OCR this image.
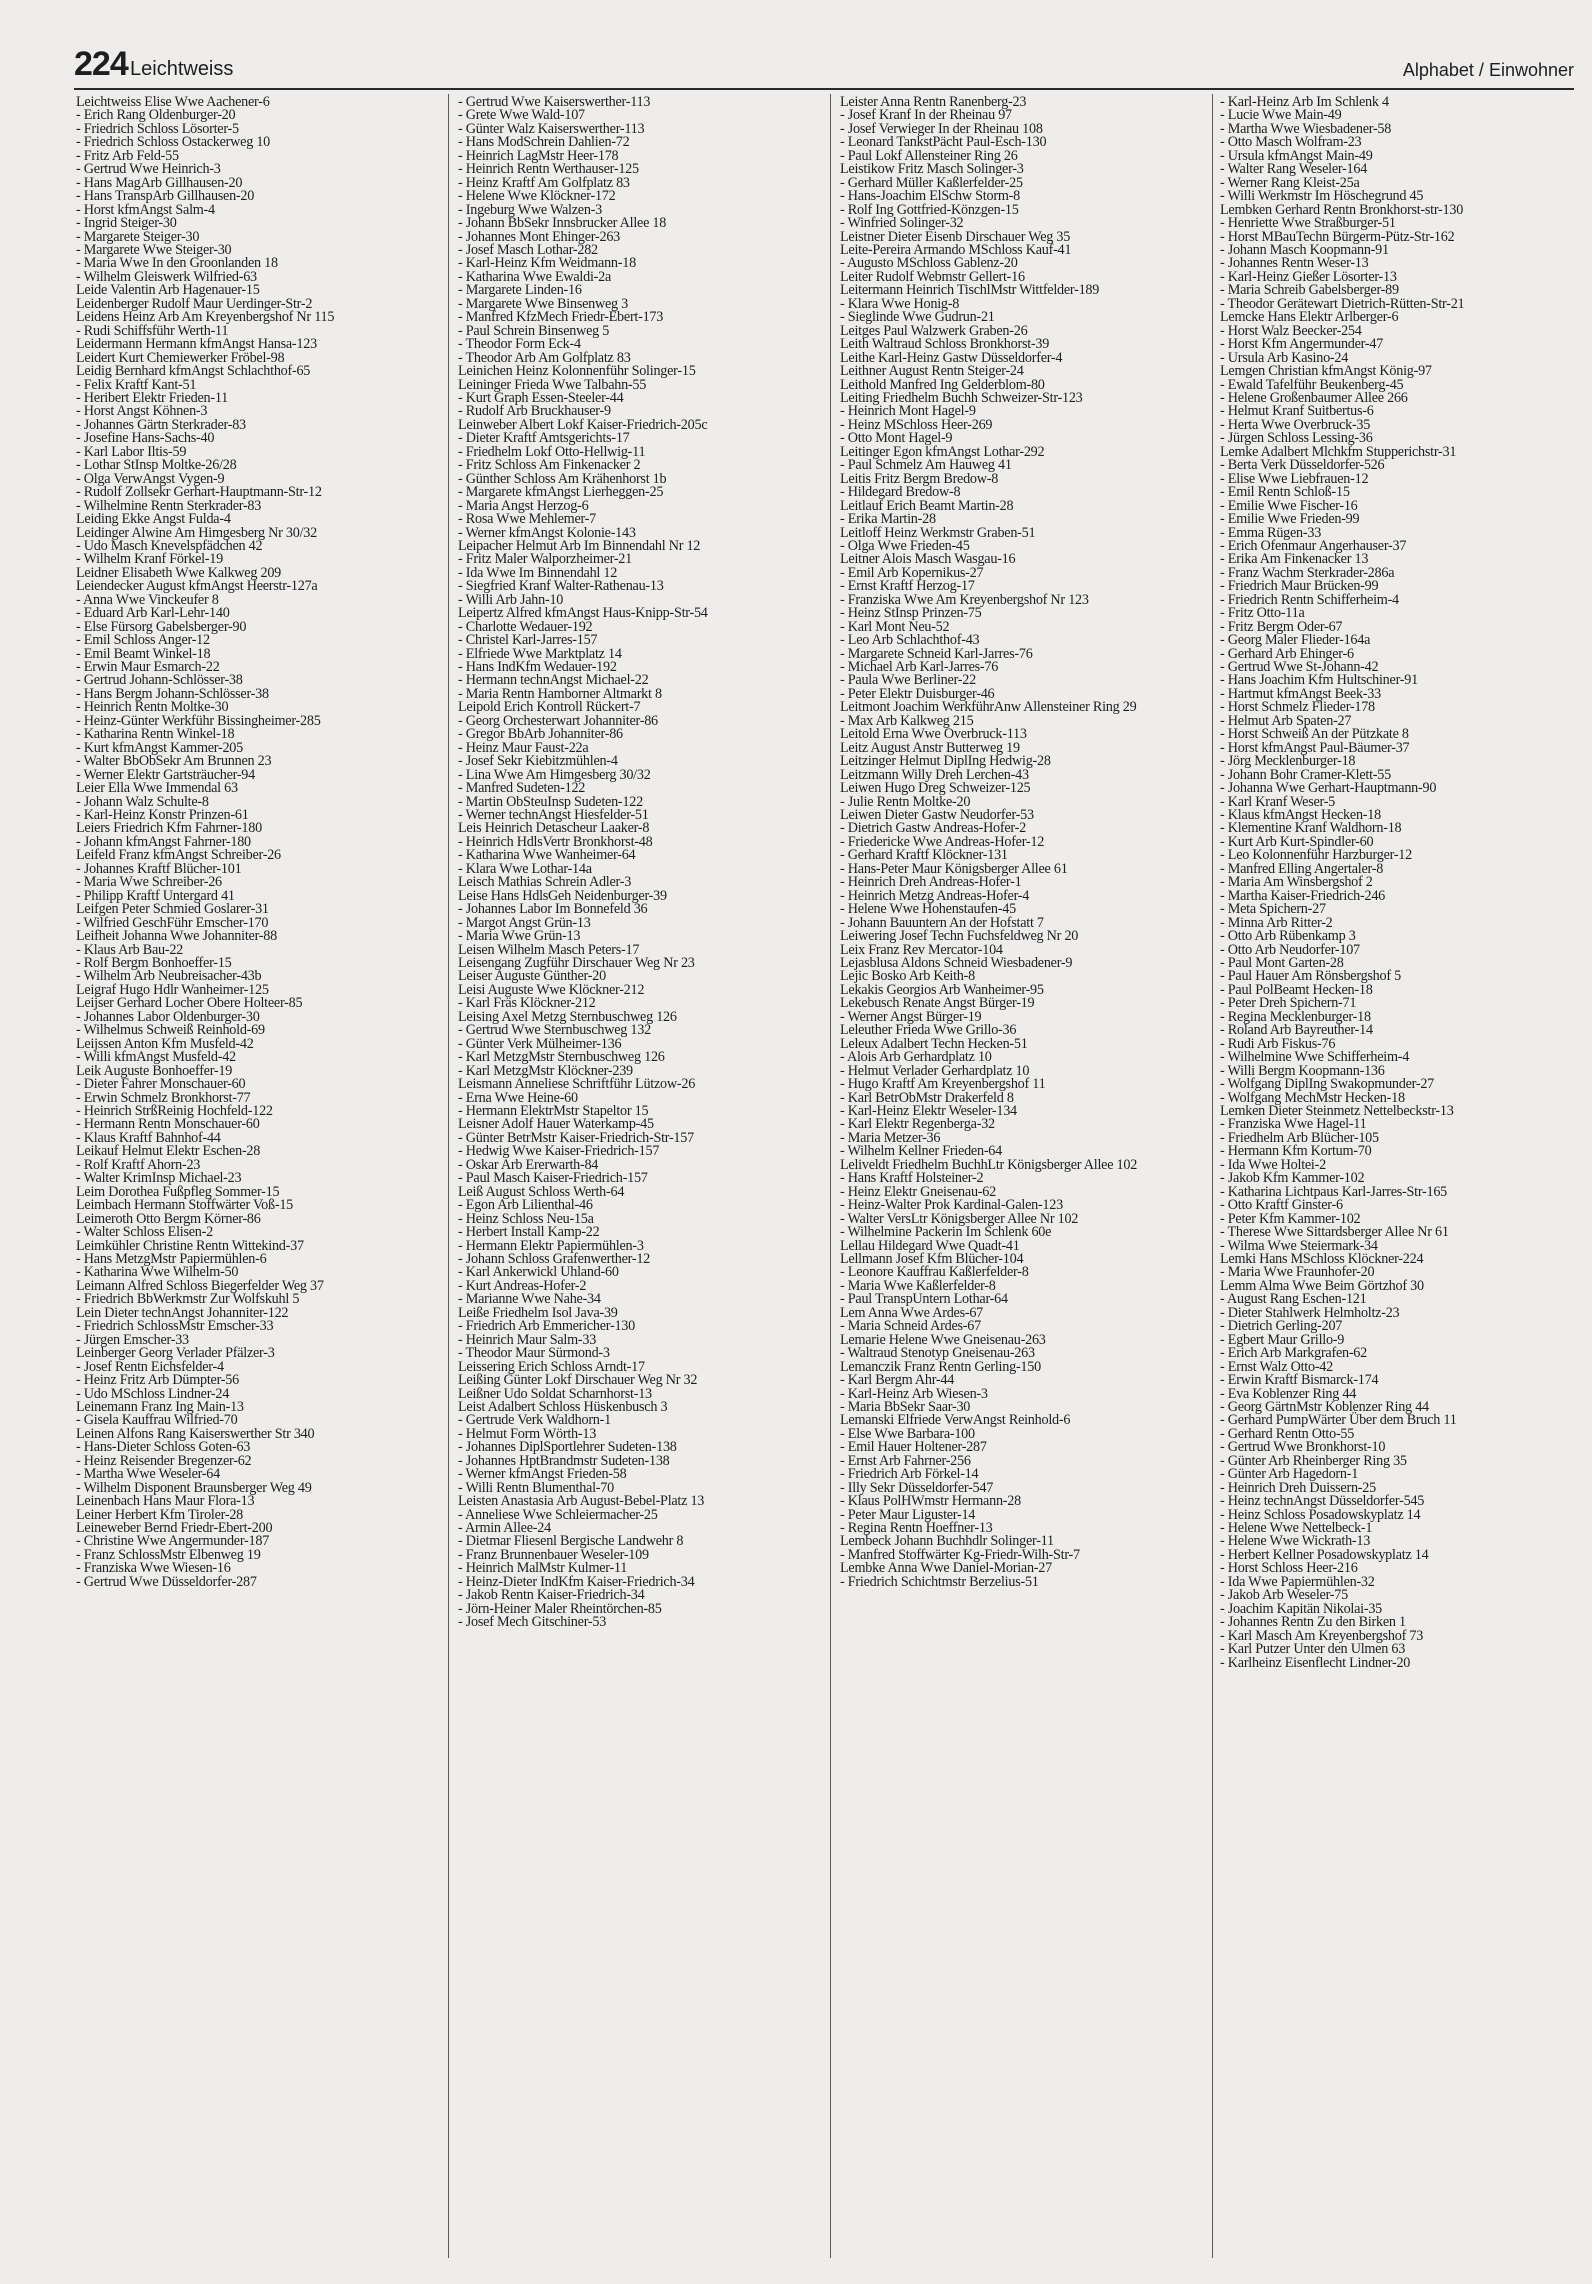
224 Leichtweiss	Alphabet / Einwohner
Leichtweiss Elise Wwe Aachener-6
- Erich Rang Oldenburger-20
- Friedrich Schloss Lösorter-5
- Friedrich Schloss Ostackerweg 10
- Fritz Arb Feld-55
- Gertrud Wwe Heinrich-3
- Hans MagArb Gillhausen-20
- Hans TranspArb Gillhausen-20
- Horst kfmAngst Salm-4
- Ingrid Steiger-30
- Margarete Steiger-30
- Margarete Wwe Steiger-30
- Maria Wwe In den Groonlanden 18
- Wilhelm Gleiswerk Wilfried-63
Leide Valentin Arb Hagenauer-15
Leidenberger Rudolf Maur Uerdinger-Str-2
Leidens Heinz Arb Am Kreyenbergshof Nr 115
- Rudi Schiffsführ Werth-11
Leidermann Hermann kfmAngst Hansa-123
Leidert Kurt Chemiewerker Fröbel-98
Leidig Bernhard kfmAngst Schlachthof-65
- Felix Kraftf Kant-51
- Heribert Elektr Frieden-11
- Horst Angst Köhnen-3
- Johannes Gärtn Sterkrader-83
- Josefine Hans-Sachs-40
- Karl Labor Iltis-59
- Lothar StInsp Moltke-26/28
- Olga VerwAngst Vygen-9
- Rudolf Zollsekr Gerhart-Hauptmann-Str-12
- Wilhelmine Rentn Sterkrader-83
Leiding Ekke Angst Fulda-4
Leidinger Alwine Am Himgesberg Nr 30/32
- Udo Masch Knevelspfädchen 42
- Wilhelm Kranf Förkel-19
Leidner Elisabeth Wwe Kalkweg 209
Leiendecker August kfmAngst Heerstr-127a
- Anna Wwe Vinckeufer 8
- Eduard Arb Karl-Lehr-140
- Else Fürsorg Gabelsberger-90
- Emil Schloss Anger-12
- Emil Beamt Winkel-18
- Erwin Maur Esmarch-22
- Gertrud Johann-Schlösser-38
- Hans Bergm Johann-Schlösser-38
- Heinrich Rentn Moltke-30
- Heinz-Günter Werkführ Bissingheimer-285
- Katharina Rentn Winkel-18
- Kurt kfmAngst Kammer-205
- Walter BbObSekr Am Brunnen 23
- Werner Elektr Gartsträucher-94
Leier Ella Wwe Immendal 63
- Johann Walz Schulte-8
- Karl-Heinz Konstr Prinzen-61
Leiers Friedrich Kfm Fahrner-180
- Johann kfmAngst Fahrner-180
Leifeld Franz kfmAngst Schreiber-26
- Johannes Kraftf Blücher-101
- Maria Wwe Schreiber-26
- Philipp Kraftf Untergard 41
Leifgen Peter Schmied Goslarer-31
- Wilfried GeschFühr Emscher-170
Leifheit Johanna Wwe Johanniter-88
- Klaus Arb Bau-22
- Rolf Bergm Bonhoeffer-15
- Wilhelm Arb Neubreisacher-43b
Leigraf Hugo Hdlr Wanheimer-125
Leijser Gerhard Locher Obere Holteer-85
- Johannes Labor Oldenburger-30
- Wilhelmus Schweiß Reinhold-69
Leijssen Anton Kfm Musfeld-42
- Willi kfmAngst Musfeld-42
Leik Auguste Bonhoeffer-19
- Dieter Fahrer Monschauer-60
- Erwin Schmelz Bronkhorst-77
- Heinrich StrßReinig Hochfeld-122
- Hermann Rentn Monschauer-60
- Klaus Kraftf Bahnhof-44
Leikauf Helmut Elektr Eschen-28
- Rolf Kraftf Ahorn-23
- Walter KrimInsp Michael-23
Leim Dorothea Fußpfleg Sommer-15
Leimbach Hermann Stoffwärter Voß-15
Leimeroth Otto Bergm Körner-86
- Walter Schloss Elisen-2
Leimkühler Christine Rentn Wittekind-37
- Hans MetzgMstr Papiermühlen-6
- Katharina Wwe Wilhelm-50
Leimann Alfred Schloss Biegerfelder Weg 37
- Friedrich BbWerkmstr Zur Wolfskuhl 5
Lein Dieter technAngst Johanniter-122
- Friedrich SchlossMstr Emscher-33
- Jürgen Emscher-33
Leinberger Georg Verlader Pfälzer-3
- Josef Rentn Eichsfelder-4
- Heinz Fritz Arb Dümpter-56
- Udo MSchloss Lindner-24
Leinemann Franz Ing Main-13
- Gisela Kauffrau Wilfried-70
Leinen Alfons Rang Kaiserswerther Str 340
- Hans-Dieter Schloss Goten-63
- Heinz Reisender Bregenzer-62
- Martha Wwe Weseler-64
- Wilhelm Disponent Braunsberger Weg 49
Leinenbach Hans Maur Flora-13
Leiner Herbert Kfm Tiroler-28
Leineweber Bernd Friedr-Ebert-200
- Christine Wwe Angermunder-187
- Franz SchlossMstr Elbenweg 19
- Franziska Wwe Wiesen-16
- Gertrud Wwe Düsseldorfer-287
- Gertrud Wwe Kaiserswerther-113
- Grete Wwe Wald-107
- Günter Walz Kaiserswerther-113
- Hans ModSchrein Dahlien-72
- Heinrich LagMstr Heer-178
- Heinrich Rentn Werthauser-125
- Heinz Kraftf Am Golfplatz 83
- Helene Wwe Klöckner-172
- Ingeburg Wwe Walzen-3
- Johann BbSekr Innsbrucker Allee 18
- Johannes Mont Ehinger-263
- Josef Masch Lothar-282
- Karl-Heinz Kfm Weidmann-18
- Katharina Wwe Ewaldi-2a
- Margarete Linden-16
- Margarete Wwe Binsenweg 3
- Manfred KfzMech Friedr-Ebert-173
- Paul Schrein Binsenweg 5
- Theodor Form Eck-4
- Theodor Arb Am Golfplatz 83
Leinichen Heinz Kolonnenführ Solinger-15
Leininger Frieda Wwe Talbahn-55
- Kurt Graph Essen-Steeler-44
- Rudolf Arb Bruckhauser-9
Leinweber Albert Lokf Kaiser-Friedrich-205c
- Dieter Kraftf Amtsgerichts-17
- Friedhelm Lokf Otto-Hellwig-11
- Fritz Schloss Am Finkenacker 2
- Günther Schloss Am Krähenhorst 1b
- Margarete kfmAngst Lierheggen-25
- Maria Angst Herzog-6
- Rosa Wwe Mehlemer-7
- Werner kfmAngst Kolonie-143
Leipacher Helmut Arb Im Binnendahl Nr 12
- Fritz Maler Walporzheimer-21
- Ida Wwe Im Binnendahl 12
- Siegfried Kranf Walter-Rathenau-13
- Willi Arb Jahn-10
Leipertz Alfred kfmAngst Haus-Knipp-Str-54
- Charlotte Wedauer-192
- Christel Karl-Jarres-157
- Elfriede Wwe Marktplatz 14
- Hans IndKfm Wedauer-192
- Hermann technAngst Michael-22
- Maria Rentn Hamborner Altmarkt 8
Leipold Erich Kontroll Rückert-7
- Georg Orchesterwart Johanniter-86
- Gregor BbArb Johanniter-86
- Heinz Maur Faust-22a
- Josef Sekr Kiebitzmühlen-4
- Lina Wwe Am Himgesberg 30/32
- Manfred Sudeten-122
- Martin ObSteuInsp Sudeten-122
- Werner technAngst Hiesfelder-51
Leis Heinrich Detascheur Laaker-8
- Heinrich HdlsVertr Bronkhorst-48
- Katharina Wwe Wanheimer-64
- Klara Wwe Lothar-14a
Leisch Mathias Schrein Adler-3
Leise Hans HdlsGeh Neidenburger-39
- Johannes Labor Im Bonnefeld 36
- Margot Angst Grün-13
- Maria Wwe Grün-13
Leisen Wilhelm Masch Peters-17
Leisengang Zugführ Dirschauer Weg Nr 23
Leiser Auguste Günther-20
Leisi Auguste Wwe Klöckner-212
- Karl Fräs Klöckner-212
Leising Axel Metzg Sternbuschweg 126
- Gertrud Wwe Sternbuschweg 132
- Günter Verk Mülheimer-136
- Karl MetzgMstr Sternbuschweg 126
- Karl MetzgMstr Klöckner-239
Leismann Anneliese Schriftführ Lützow-26
- Erna Wwe Heine-60
- Hermann ElektrMstr Stapeltor 15
Leisner Adolf Hauer Waterkamp-45
- Günter BetrMstr Kaiser-Friedrich-Str-157
- Hedwig Wwe Kaiser-Friedrich-157
- Oskar Arb Ererwarth-84
- Paul Masch Kaiser-Friedrich-157
Leiß August Schloss Werth-64
- Egon Arb Lilienthal-46
- Heinz Schloss Neu-15a
- Herbert Install Kamp-22
- Hermann Elektr Papiermühlen-3
- Johann Schloss Grafenwerther-12
- Karl Ankerwickl Uhland-60
- Kurt Andreas-Hofer-2
- Marianne Wwe Nahe-34
Leiße Friedhelm Isol Java-39
- Friedrich Arb Emmericher-130
- Heinrich Maur Salm-33
- Theodor Maur Sürmond-3
Leissering Erich Schloss Arndt-17
Leißing Günter Lokf Dirschauer Weg Nr 32
Leißner Udo Soldat Scharnhorst-13
Leist Adalbert Schloss Hüskenbusch 3
- Gertrude Verk Waldhorn-1
- Helmut Form Wörth-13
- Johannes DiplSportlehrer Sudeten-138
- Johannes HptBrandmstr Sudeten-138
- Werner kfmAngst Frieden-58
- Willi Rentn Blumenthal-70
Leisten Anastasia Arb August-Bebel-Platz 13
- Anneliese Wwe Schleiermacher-25
- Armin Allee-24
- Dietmar Fliesenl Bergische Landwehr 8
- Franz Brunnenbauer Weseler-109
- Heinrich MalMstr Kulmer-11
- Heinz-Dieter IndKfm Kaiser-Friedrich-34
- Jakob Rentn Kaiser-Friedrich-34
- Jörn-Heiner Maler Rheintörchen-85
- Josef Mech Gitschiner-53
Leister Anna Rentn Ranenberg-23
- Josef Kranf In der Rheinau 97
- Josef Verwieger In der Rheinau 108
- Leonard TankstPächt Paul-Esch-130
- Paul Lokf Allensteiner Ring 26
Leistikow Fritz Masch Solinger-3
- Gerhard Müller Kaßlerfelder-25
- Hans-Joachim ElSchw Storm-8
- Rolf Ing Gottfried-Könzgen-15
- Winfried Solinger-32
Leistner Dieter Eisenb Dirschauer Weg 35
Leite-Pereira Armando MSchloss Kauf-41
- Augusto MSchloss Gablenz-20
Leiter Rudolf Webmstr Gellert-16
Leitermann Heinrich TischlMstr Wittfelder-189
- Klara Wwe Honig-8
- Sieglinde Wwe Gudrun-21
Leitges Paul Walzwerk Graben-26
Leith Waltraud Schloss Bronkhorst-39
Leithe Karl-Heinz Gastw Düsseldorfer-4
Leithner August Rentn Steiger-24
Leithold Manfred Ing Gelderblom-80
Leiting Friedhelm Buchh Schweizer-Str-123
- Heinrich Mont Hagel-9
- Heinz MSchloss Heer-269
- Otto Mont Hagel-9
Leitinger Egon kfmAngst Lothar-292
- Paul Schmelz Am Hauweg 41
Leitis Fritz Bergm Bredow-8
- Hildegard Bredow-8
Leitlauf Erich Beamt Martin-28
- Erika Martin-28
Leitloff Heinz Werkmstr Graben-51
- Olga Wwe Frieden-45
Leitner Alois Masch Wasgau-16
- Emil Arb Kopernikus-27
- Ernst Kraftf Herzog-17
- Franziska Wwe Am Kreyenbergshof Nr 123
- Heinz StInsp Prinzen-75
- Karl Mont Neu-52
- Leo Arb Schlachthof-43
- Margarete Schneid Karl-Jarres-76
- Michael Arb Karl-Jarres-76
- Paula Wwe Berliner-22
- Peter Elektr Duisburger-46
Leitmont Joachim WerkführAnw Allensteiner Ring 29
- Max Arb Kalkweg 215
Leitold Erna Wwe Overbruck-113
Leitz August Anstr Butterweg 19
Leitzinger Helmut DiplIng Hedwig-28
Leitzmann Willy Dreh Lerchen-43
Leiwen Hugo Dreg Schweizer-125
- Julie Rentn Moltke-20
Leiwen Dieter Gastw Neudorfer-53
- Dietrich Gastw Andreas-Hofer-2
- Friedericke Wwe Andreas-Hofer-12
- Gerhard Kraftf Klöckner-131
- Hans-Peter Maur Königsberger Allee 61
- Heinrich Dreh Andreas-Hofer-1
- Heinrich Metzg Andreas-Hofer-4
- Helene Wwe Hohenstaufen-45
- Johann Bauuntern An der Hofstatt 7
Leiwering Josef Techn Fuchsfeldweg Nr 20
Leix Franz Rev Mercator-104
Lejasblusa Aldons Schneid Wiesbadener-9
Lejic Bosko Arb Keith-8
Lekakis Georgios Arb Wanheimer-95
Lekebusch Renate Angst Bürger-19
- Werner Angst Bürger-19
Leleuther Frieda Wwe Grillo-36
Leleux Adalbert Techn Hecken-51
- Alois Arb Gerhardplatz 10
- Helmut Verlader Gerhardplatz 10
- Hugo Kraftf Am Kreyenbergshof 11
- Karl BetrObMstr Drakerfeld 8
- Karl-Heinz Elektr Weseler-134
- Karl Elektr Regenberga-32
- Maria Metzer-36
- Wilhelm Kellner Frieden-64
Leliveldt Friedhelm BuchhLtr Königsberger Allee 102
- Hans Kraftf Holsteiner-2
- Heinz Elektr Gneisenau-62
- Heinz-Walter Prok Kardinal-Galen-123
- Walter VersLtr Königsberger Allee Nr 102
- Wilhelmine Packerin Im Schlenk 60e
Lellau Hildegard Wwe Quadt-41
Lellmann Josef Kfm Blücher-104
- Leonore Kauffrau Kaßlerfelder-8
- Maria Wwe Kaßlerfelder-8
- Paul TranspUntern Lothar-64
Lem Anna Wwe Ardes-67
- Maria Schneid Ardes-67
Lemarie Helene Wwe Gneisenau-263
- Waltraud Stenotyp Gneisenau-263
Lemanczik Franz Rentn Gerling-150
- Karl Bergm Ahr-44
- Karl-Heinz Arb Wiesen-3
- Maria BbSekr Saar-30
Lemanski Elfriede VerwAngst Reinhold-6
- Else Wwe Barbara-100
- Emil Hauer Holtener-287
- Ernst Arb Fahrner-256
- Friedrich Arb Förkel-14
- Illy Sekr Düsseldorfer-547
- Klaus PolHWmstr Hermann-28
- Peter Maur Liguster-14
- Regina Rentn Hoeffner-13
Lembeck Johann Buchhdlr Solinger-11
- Manfred Stoffwärter Kg-Friedr-Wilh-Str-7
Lembke Anna Wwe Daniel-Morian-27
- Friedrich Schichtmstr Berzelius-51
- Karl-Heinz Arb Im Schlenk 4
- Lucie Wwe Main-49
- Martha Wwe Wiesbadener-58
- Otto Masch Wolfram-23
- Ursula kfmAngst Main-49
- Walter Rang Weseler-164
- Werner Rang Kleist-25a
- Willi Werkmstr Im Höschegrund 45
Lembken Gerhard Rentn Bronkhorst-str-130
- Henriette Wwe Straßburger-51
- Horst MBauTechn Bürgerm-Pütz-Str-162
- Johann Masch Koopmann-91
- Johannes Rentn Weser-13
- Karl-Heinz Gießer Lösorter-13
- Maria Schreib Gabelsberger-89
- Theodor Gerätewart Dietrich-Rütten-Str-21
Lemcke Hans Elektr Arlberger-6
- Horst Walz Beecker-254
- Horst Kfm Angermunder-47
- Ursula Arb Kasino-24
Lemgen Christian kfmAngst König-97
- Ewald Tafelführ Beukenberg-45
- Helene Großenbaumer Allee 266
- Helmut Kranf Suitbertus-6
- Herta Wwe Overbruck-35
- Jürgen Schloss Lessing-36
Lemke Adalbert Mlchkfm Stupperichstr-31
- Berta Verk Düsseldorfer-526
- Elise Wwe Liebfrauen-12
- Emil Rentn Schloß-15
- Emilie Wwe Fischer-16
- Emilie Wwe Frieden-99
- Emma Rügen-33
- Erich Ofenmaur Angerhauser-37
- Erika Am Finkenacker 13
- Franz Wachm Sterkrader-286a
- Friedrich Maur Brücken-99
- Friedrich Rentn Schifferheim-4
- Fritz Otto-11a
- Fritz Bergm Oder-67
- Georg Maler Flieder-164a
- Gerhard Arb Ehinger-6
- Gertrud Wwe St-Johann-42
- Hans Joachim Kfm Hultschiner-91
- Hartmut kfmAngst Beek-33
- Horst Schmelz Flieder-178
- Helmut Arb Spaten-27
- Horst Schweiß An der Pützkate 8
- Horst kfmAngst Paul-Bäumer-37
- Jörg Mecklenburger-18
- Johann Bohr Cramer-Klett-55
- Johanna Wwe Gerhart-Hauptmann-90
- Karl Kranf Weser-5
- Klaus kfmAngst Hecken-18
- Klementine Kranf Waldhorn-18
- Kurt Arb Kurt-Spindler-60
- Leo Kolonnenführ Harzburger-12
- Manfred Elling Angertaler-8
- Maria Am Winsbergshof 2
- Martha Kaiser-Friedrich-246
- Meta Spichern-27
- Minna Arb Ritter-2
- Otto Arb Rübenkamp 3
- Otto Arb Neudorfer-107
- Paul Mont Garten-28
- Paul Hauer Am Rönsbergshof 5
- Paul PolBeamt Hecken-18
- Peter Dreh Spichern-71
- Regina Mecklenburger-18
- Roland Arb Bayreuther-14
- Rudi Arb Fiskus-76
- Wilhelmine Wwe Schifferheim-4
- Willi Bergm Koopmann-136
- Wolfgang DiplIng Swakopmunder-27
- Wolfgang MechMstr Hecken-18
Lemken Dieter Steinmetz Nettelbeckstr-13
- Franziska Wwe Hagel-11
- Friedhelm Arb Blücher-105
- Hermann Kfm Kortum-70
- Ida Wwe Holtei-2
- Jakob Kfm Kammer-102
- Katharina Lichtpaus Karl-Jarres-Str-165
- Otto Kraftf Ginster-6
- Peter Kfm Kammer-102
- Therese Wwe Sittardsberger Allee Nr 61
- Wilma Wwe Steiermark-34
Lemki Hans MSchloss Klöckner-224
- Maria Wwe Fraunhofer-20
Lemm Alma Wwe Beim Görtzhof 30
- August Rang Eschen-121
- Dieter Stahlwerk Helmholtz-23
- Dietrich Gerling-207
- Egbert Maur Grillo-9
- Erich Arb Markgrafen-62
- Ernst Walz Otto-42
- Erwin Kraftf Bismarck-174
- Eva Koblenzer Ring 44
- Georg GärtnMstr Koblenzer Ring 44
- Gerhard PumpWärter Über dem Bruch 11
- Gerhard Rentn Otto-55
- Gertrud Wwe Bronkhorst-10
- Günter Arb Rheinberger Ring 35
- Günter Arb Hagedorn-1
- Heinrich Dreh Duissern-25
- Heinz technAngst Düsseldorfer-545
- Heinz Schloss Posadowskyplatz 14
- Helene Wwe Nettelbeck-1
- Helene Wwe Wickrath-13
- Herbert Kellner Posadowskyplatz 14
- Horst Schloss Heer-216
- Ida Wwe Papiermühlen-32
- Jakob Arb Weseler-75
- Joachim Kapitän Nikolai-35
- Johannes Rentn Zu den Birken 1
- Karl Masch Am Kreyenbergshof 73
- Karl Putzer Unter den Ulmen 63
- Karlheinz Eisenflecht Lindner-20
